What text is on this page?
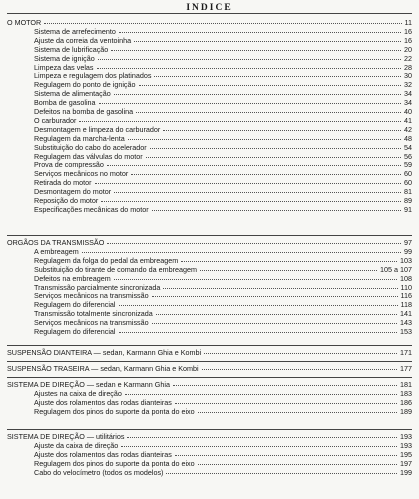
INDICE
O MOTOR	11
Sistema de arrefecimento	16
Ajuste da correia da ventoinha	16
Sistema de lubrificação	20
Sistema de ignição	22
Limpeza das velas	28
Limpeza e regulagem dos platinados	30
Regulagem do ponto de ignição	32
Sistema de alimentação	34
Bomba de gasolina	34
Defeitos na bomba de gasolina	40
O carburador	41
Desmontagem e limpeza do carburador	42
Regulagem da marcha-lenta	48
Substituição do cabo do acelerador	54
Regulagem das válvulas do motor	56
Prova de compressão	59
Serviços mecânicos no motor	60
Retirada do motor	60
Desmontagem do motor	81
Reposição do motor	89
Especificações mecânicas do motor	91
ORGÃOS DA TRANSMISSÃO	97
A embreagem	99
Regulagem da folga do pedal da embreagem	103
Substituição do tirante de comando da embreagem	105 a 107
Defeitos na embreagem	108
Transmissão parcialmente sincronizada	110
Serviços mecânicos na transmissão	116
Regulagem do diferencial	118
Transmissão totalmente sincronizada	141
Serviços mecânicos na transmissão	143
Regulagem do diferencial	153
SUSPENSÃO DIANTEIRA — sedan, Karmann Ghia e Kombi	171
SUSPENSÃO TRASEIRA — sedan, Karmann Ghia e Kombi	177
SISTEMA DE DIREÇÃO — sedan e Karmann Ghia	181
Ajustes na caixa de direção	183
Ajuste dos rolamentos das rodas dianteiras	186
Regulagem dos pinos do suporte da ponta do eixo	189
SISTEMA DE DIREÇÃO — utilitários	193
Ajuste da caixa de direção	193
Ajuste dos rolamentos das rodas dianteiras	195
Regulagem dos pinos do suporte da ponta do eixo	197
Cabo do velocímetro (todos os modelos)	199
